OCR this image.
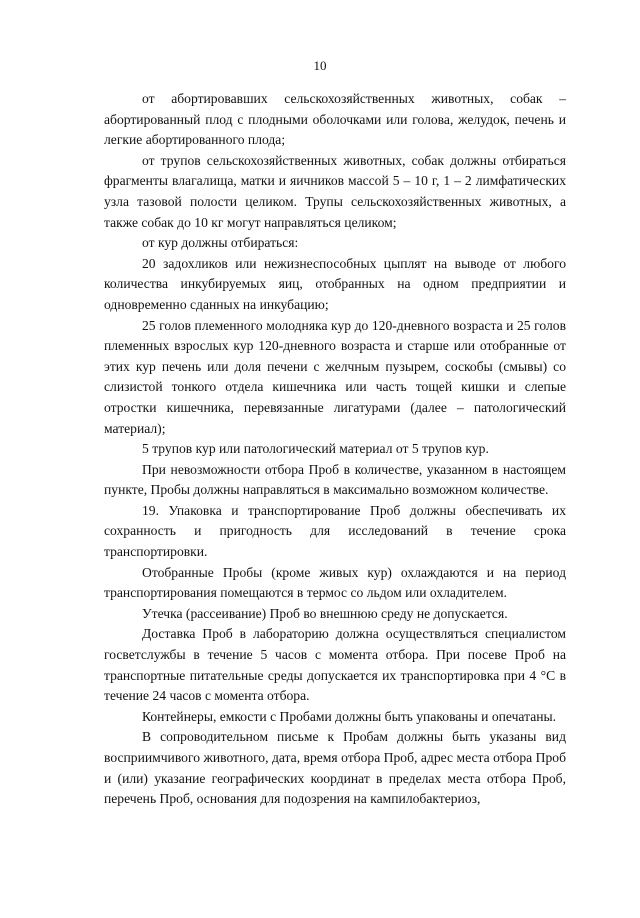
10

от абортировавших сельскохозяйственных животных, собак – абортированный плод с плодными оболочками или голова, желудок, печень и легкие абортированного плода;

от трупов сельскохозяйственных животных, собак должны отбираться фрагменты влагалища, матки и яичников массой 5 – 10 г, 1 – 2 лимфатических узла тазовой полости целиком. Трупы сельскохозяйственных животных, а также собак до 10 кг могут направляться целиком;

от кур должны отбираться:

20 задохликов или нежизнеспособных цыплят на выводе от любого количества инкубируемых яиц, отобранных на одном предприятии и одновременно сданных на инкубацию;

25 голов племенного молодняка кур до 120-дневного возраста и 25 голов племенных взрослых кур 120-дневного возраста и старше или отобранные от этих кур печень или доля печени с желчным пузырем, соскобы (смывы) со слизистой тонкого отдела кишечника или часть тощей кишки и слепые отростки кишечника, перевязанные лигатурами (далее – патологический материал);

5 трупов кур или патологический материал от 5 трупов кур.

При невозможности отбора Проб в количестве, указанном в настоящем пункте, Пробы должны направляться в максимально возможном количестве.

19. Упаковка и транспортирование Проб должны обеспечивать их сохранность и пригодность для исследований в течение срока транспортировки.

Отобранные Пробы (кроме живых кур) охлаждаются и на период транспортирования помещаются в термос со льдом или охладителем.

Утечка (рассеивание) Проб во внешнюю среду не допускается.

Доставка Проб в лабораторию должна осуществляться специалистом госветслужбы в течение 5 часов с момента отбора. При посеве Проб на транспортные питательные среды допускается их транспортировка при 4 °С в течение 24 часов с момента отбора.

Контейнеры, емкости с Пробами должны быть упакованы и опечатаны.

В сопроводительном письме к Пробам должны быть указаны вид восприимчивого животного, дата, время отбора Проб, адрес места отбора Проб и (или) указание географических координат в пределах места отбора Проб, перечень Проб, основания для подозрения на кампилобактериоз,
